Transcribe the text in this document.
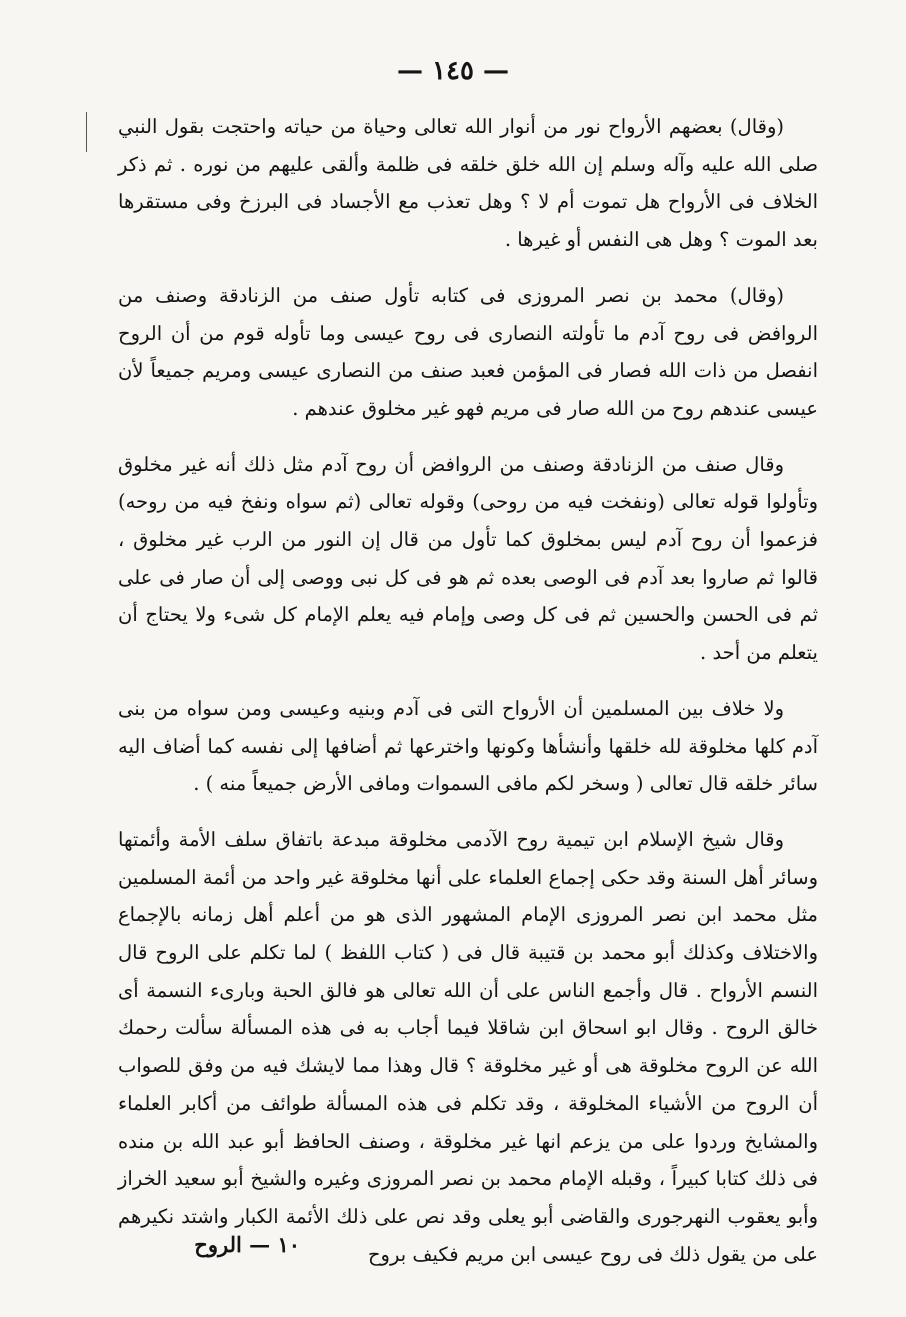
— ١٤٥ —

(وقال) بعضهم الأرواح نور من أنوار الله تعالى وحياة من حياته واحتجت بقول النبي صلى الله عليه وآله وسلم إن الله خلق خلقه فى ظلمة وألقى عليهم من نوره . ثم ذكر الخلاف فى الأرواح هل تموت أم لا ؟ وهل تعذب مع الأجساد فى البرزخ وفى مستقرها بعد الموت ؟ وهل هى النفس أو غيرها .

(وقال) محمد بن نصر المروزى فى كتابه تأول صنف من الزنادقة وصنف من الروافض فى روح آدم ما تأولته النصارى فى روح عيسى وما تأوله قوم من أن الروح انفصل من ذات الله فصار فى المؤمن فعبد صنف من النصارى عيسى ومريم جميعاً لأن عيسى عندهم روح من الله صار فى مريم فهو غير مخلوق عندهم .

وقال صنف من الزنادقة وصنف من الروافض أن روح آدم مثل ذلك أنه غير مخلوق وتأولوا قوله تعالى (ونفخت فيه من روحى) وقوله تعالى (ثم سواه ونفخ فيه من روحه) فزعموا أن روح آدم ليس بمخلوق كما تأول من قال إن النور من الرب غير مخلوق ، قالوا ثم صاروا بعد آدم فى الوصى بعده ثم هو فى كل نبى ووصى إلى أن صار فى على ثم فى الحسن والحسين ثم فى كل وصى وإمام فيه يعلم الإمام كل شىء ولا يحتاج أن يتعلم من أحد .

ولا خلاف بين المسلمين أن الأرواح التى فى آدم وبنيه وعيسى ومن سواه من بنى آدم كلها مخلوقة لله خلقها وأنشأها وكونها واخترعها ثم أضافها إلى نفسه كما أضاف اليه سائر خلقه قال تعالى ( وسخر لكم مافى السموات ومافى الأرض جميعاً منه ) .

وقال شيخ الإسلام ابن تيمية روح الآدمى مخلوقة مبدعة باتفاق سلف الأمة وأئمتها وسائر أهل السنة وقد حكى إجماع العلماء على أنها مخلوقة غير واحد من أئمة المسلمين مثل محمد ابن نصر المروزى الإمام المشهور الذى هو من أعلم أهل زمانه بالإجماع والاختلاف وكذلك أبو محمد بن قتيبة قال فى ( كتاب اللفظ ) لما تكلم على الروح قال النسم الأرواح . قال وأجمع الناس على أن الله تعالى هو فالق الحبة وبارىء النسمة أى خالق الروح . وقال ابو اسحاق ابن شاقلا فيما أجاب به فى هذه المسألة سألت رحمك الله عن الروح مخلوقة هى أو غير مخلوقة ؟ قال وهذا مما لايشك فيه من وفق للصواب أن الروح من الأشياء المخلوقة ، وقد تكلم فى هذه المسألة طوائف من أكابر العلماء والمشايخ وردوا على من يزعم انها غير مخلوقة ، وصنف الحافظ أبو عبد الله بن منده فى ذلك كتابا كبيراً ، وقبله الإمام محمد بن نصر المروزى وغيره والشيخ أبو سعيد الخراز وأبو يعقوب النهرجورى والقاضى أبو يعلى وقد نص على ذلك الأئمة الكبار واشتد نكيرهم على من يقول ذلك فى روح عيسى ابن مريم فكيف بروح

١٠ — الروح
